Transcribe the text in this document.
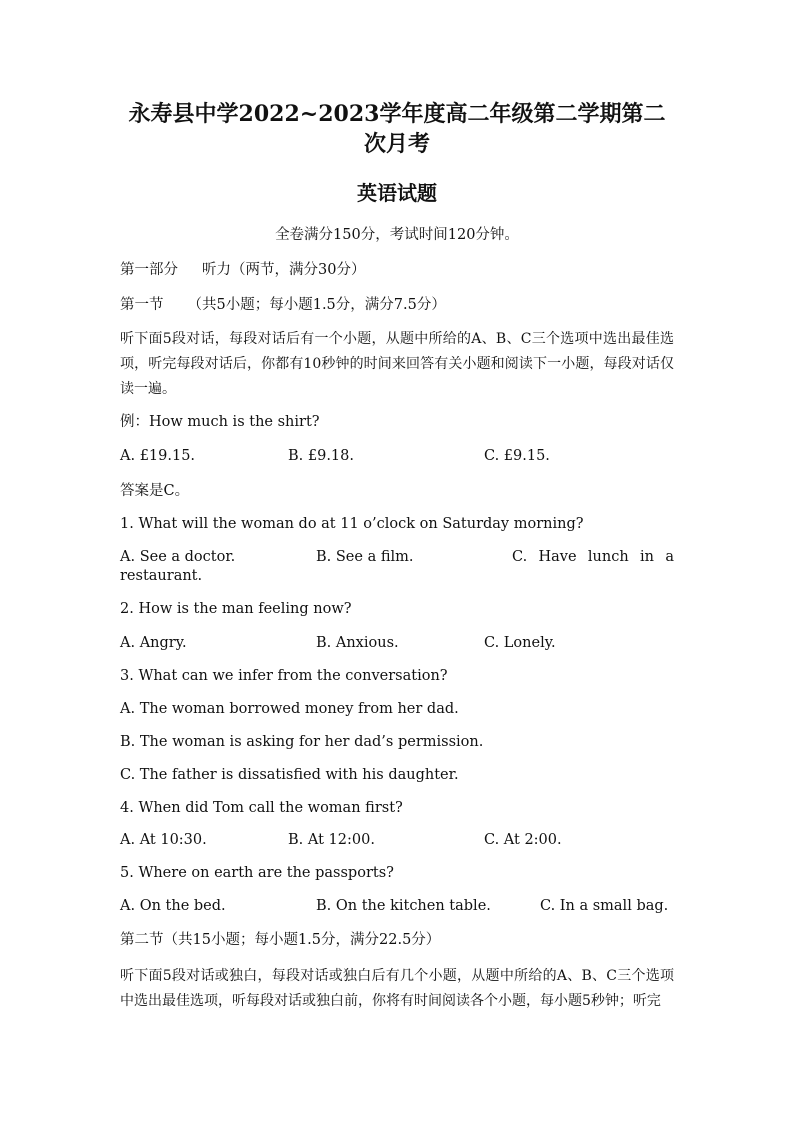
永寿县中学2022~2023学年度高二年级第二学期第二
次月考
英语试题

全卷满分150分，考试时间120分钟。

第一部分 听力（两节，满分30分）

第一节 （共5小题；每小题1.5分，满分7.5分）

听下面5段对话，每段对话后有一个小题，从题中所给的A、B、C三个选项中选出最佳选项，听完每段对话后，你都有10秒钟的时间来回答有关小题和阅读下一小题，每段对话仅读一遍。

例：How much is the shirt?

A. £19.15.	B. £9.18.	C. £9.15.

答案是C。

1. What will the woman do at 11 o’clock on Saturday morning?

A. See a doctor.	B. See a film.	C. Have lunch in a
restaurant.

2. How is the man feeling now?

A. Angry.	B. Anxious.	C. Lonely.

3. What can we infer from the conversation?

A. The woman borrowed money from her dad.

B. The woman is asking for her dad’s permission.

C. The father is dissatisfied with his daughter.

4. When did Tom call the woman first?

A. At 10:30.	B. At 12:00.	C. At 2:00.

5. Where on earth are the passports?

A. On the bed.	B. On the kitchen table.	C. In a small bag.

第二节（共15小题；每小题1.5分，满分22.5分）

听下面5段对话或独白，每段对话或独白后有几个小题，从题中所给的A、B、C三个选项中选出最佳选项，听每段对话或独白前，你将有时间阅读各个小题，每小题5秒钟；听完
